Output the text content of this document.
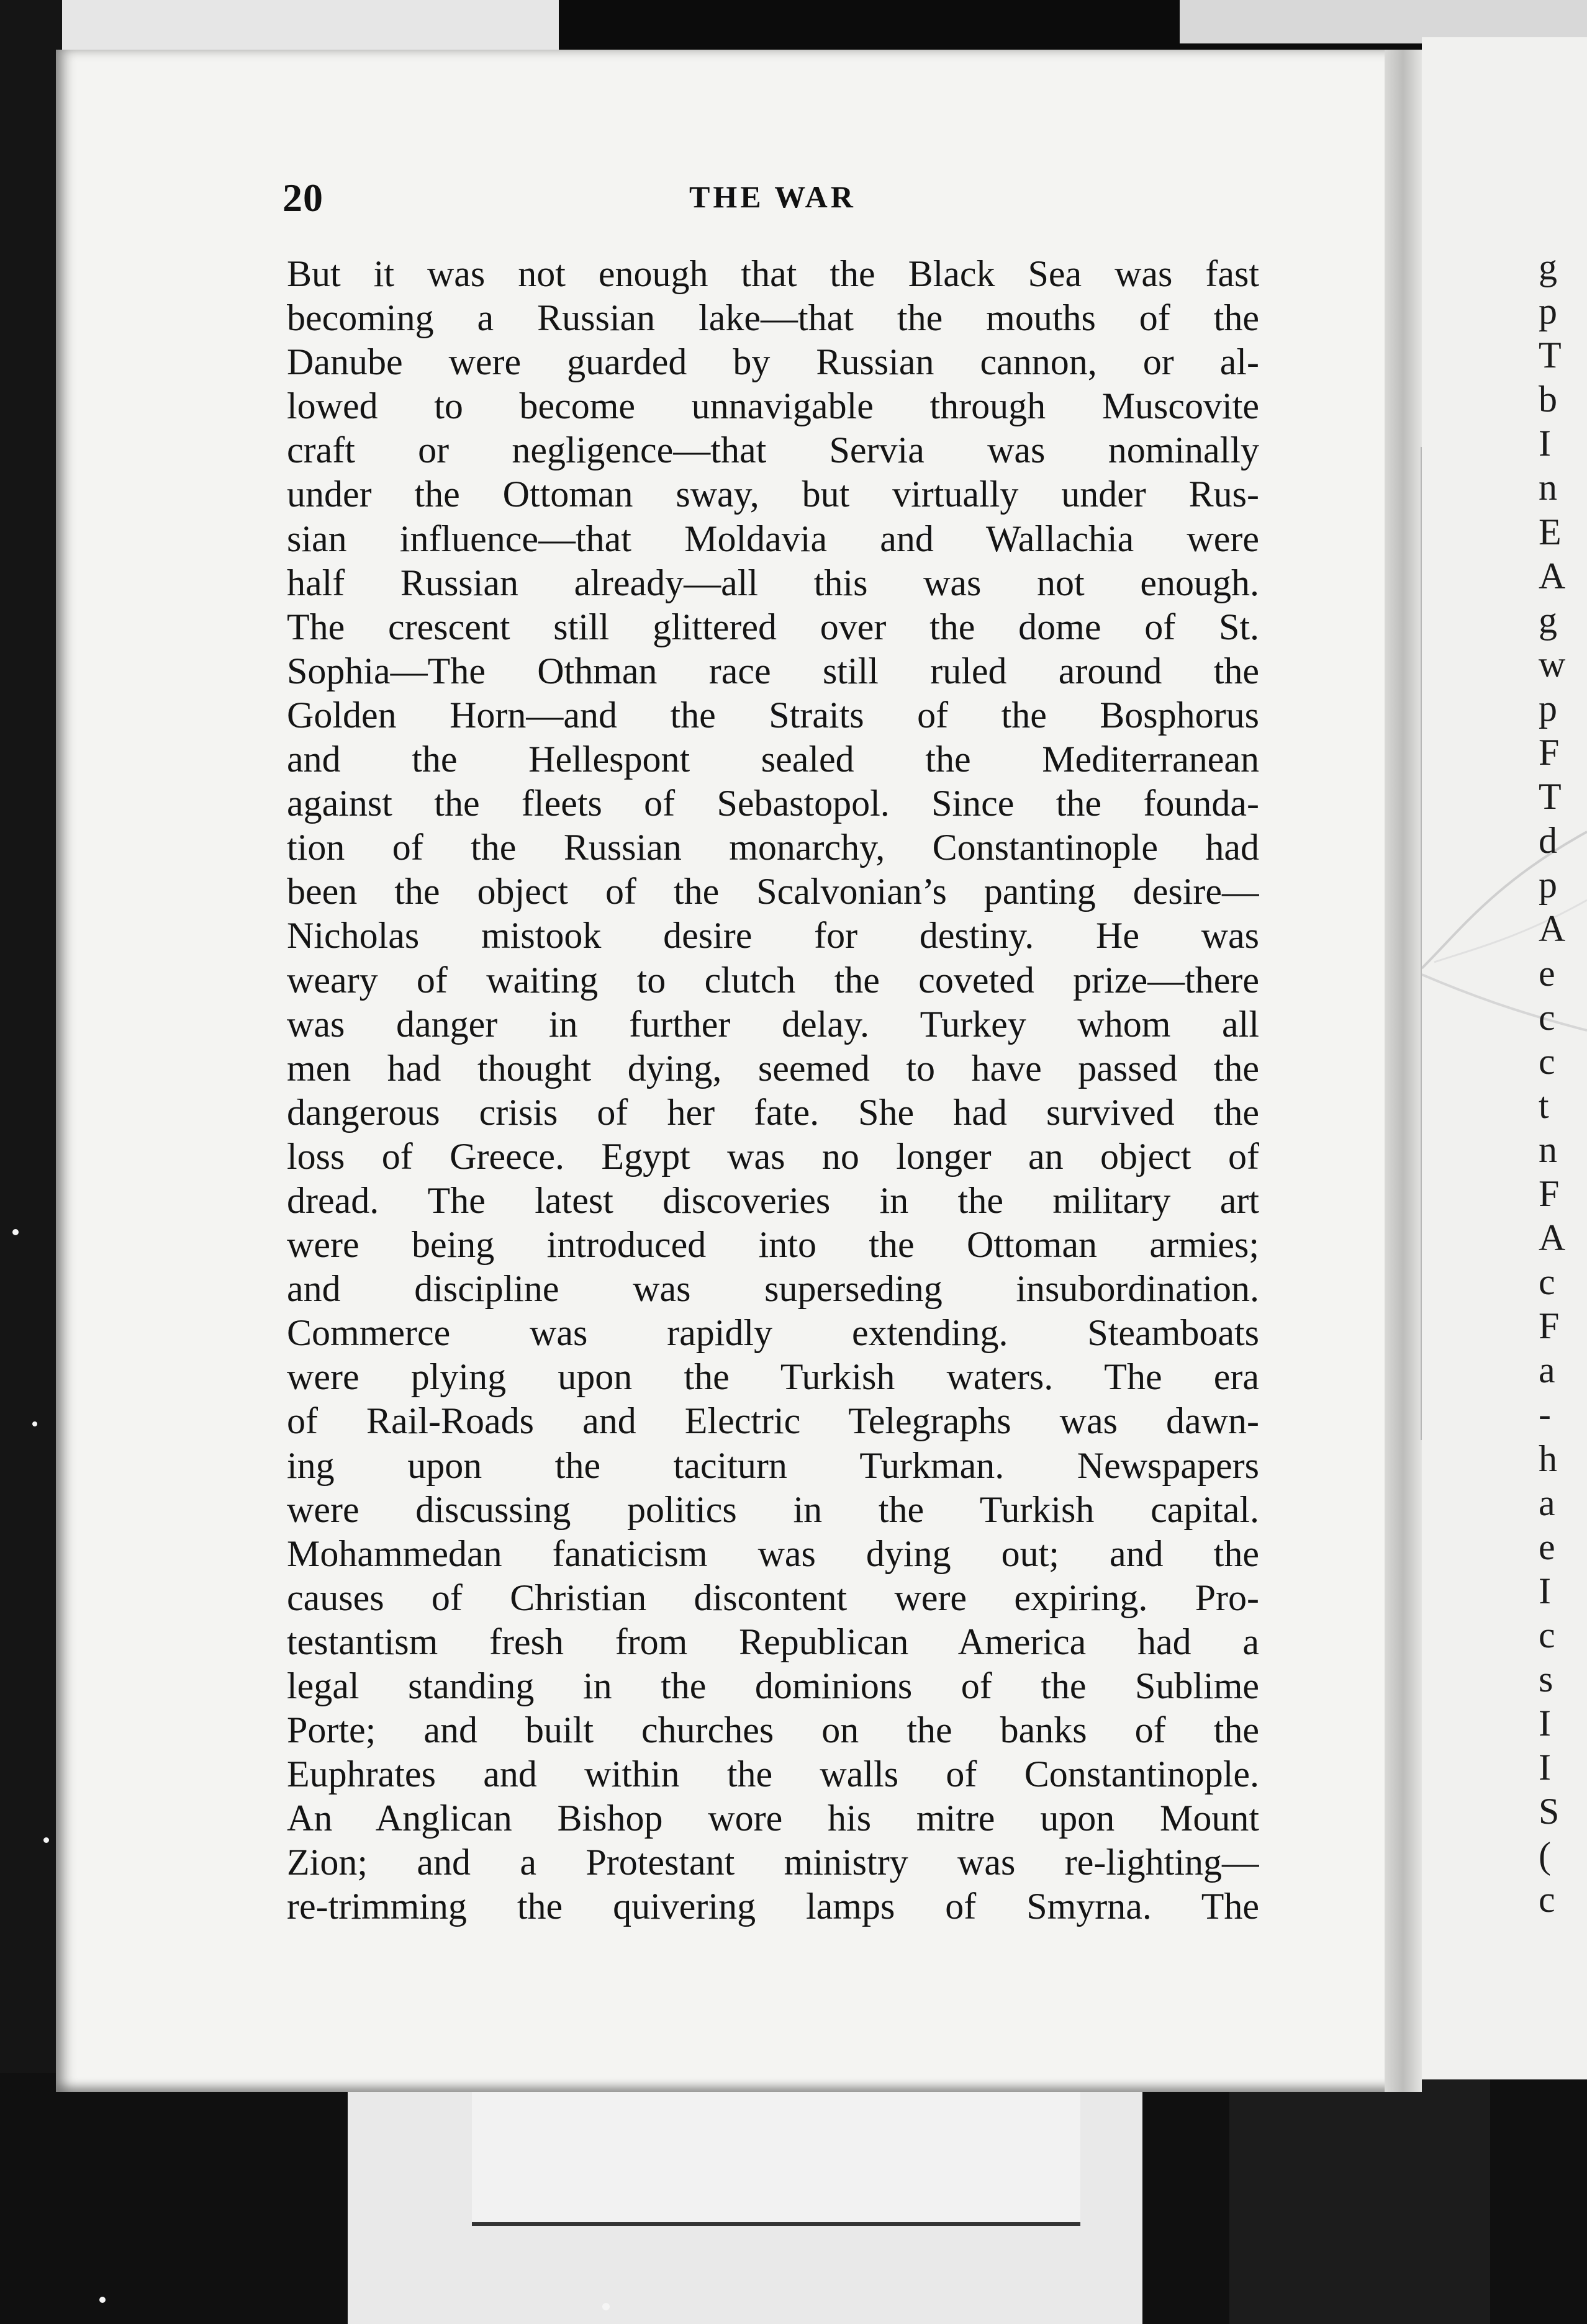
20	THE WAR
But it was not enough that the Black Sea was fast
becoming a Russian lake—that the mouths of the
Danube were guarded by Russian cannon, or al-
lowed to become unnavigable through Muscovite
craft or negligence—that Servia was nominally
under the Ottoman sway, but virtually under Rus-
sian influence—that Moldavia and Wallachia were
half Russian already—all this was not enough.
The crescent still glittered over the dome of St.
Sophia—The Othman race still ruled around the
Golden Horn—and the Straits of the Bosphorus
and the Hellespont sealed the Mediterranean
against the fleets of Sebastopol. Since the founda-
tion of the Russian monarchy, Constantinople had
been the object of the Scalvonian’s panting desire—
Nicholas mistook desire for destiny. He was
weary of waiting to clutch the coveted prize—there
was danger in further delay. Turkey whom all
men had thought dying, seemed to have passed the
dangerous crisis of her fate. She had survived the
loss of Greece. Egypt was no longer an object of
dread. The latest discoveries in the military art
were being introduced into the Ottoman armies;
and discipline was superseding insubordination.
Commerce was rapidly extending. Steamboats
were plying upon the Turkish waters. The era
of Rail-Roads and Electric Telegraphs was dawn-
ing upon the taciturn Turkman. Newspapers
were discussing politics in the Turkish capital.
Mohammedan fanaticism was dying out; and the
causes of Christian discontent were expiring. Pro-
testantism fresh from Republican America had a
legal standing in the dominions of the Sublime
Porte; and built churches on the banks of the
Euphrates and within the walls of Constantinople.
An Anglican Bishop wore his mitre upon Mount
Zion; and a Protestant ministry was re-lighting—
re-trimming the quivering lamps of Smyrna. The
g
p
T
b
I
n
E
A
g
w
p
F
T
d
p
A
e
c
c
t
n
F
A
c
F
a
-
h
a
e
I
c
s
I
I
S
(
c
